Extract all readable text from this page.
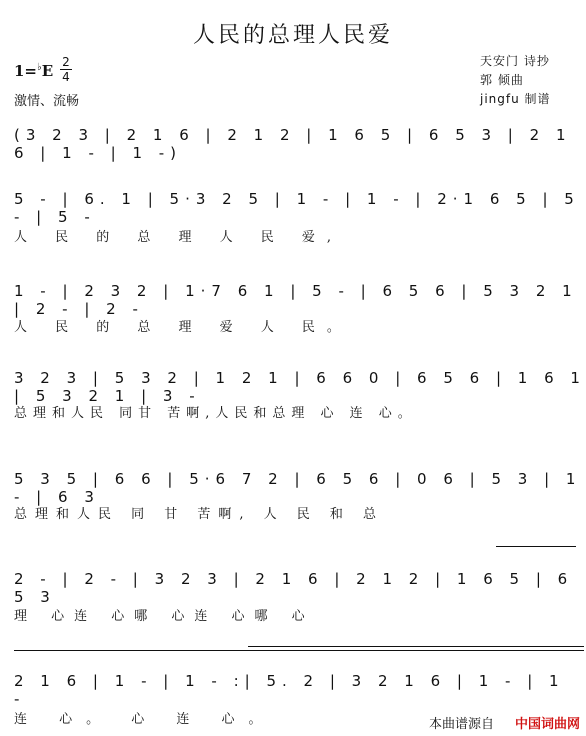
人民的总理人民爱
1=♭E 2
4
激情、流畅
天安门 诗抄
郭 倾曲
jingfu 制谱
(3 2 3 | 2 1 6 | 2 1 2 | 1 6 5 | 6 5 3 | 2 1 6 | 1 - | 1 -)
5 - | 6. 1 | 5·3 2 5 | 1 - | 1 - | 2·1 6 5 | 5 - | 5 -
人 民 的 总 理 人 民 爱,
1 - | 2 3 2 | 1·7 6 1 | 5 - | 6 5 6 | 5 3 2 1 | 2 - | 2 -
人 民 的 总 理 爱 人 民。
3 2 3 | 5 3 2 | 1 2 1 | 6 6 0 | 6 5 6 | 1 6 1 | 5 3 2 1 | 3 -
总理和人民 同甘 苦啊,人民和总理 心 连 心。
5 3 5 | 6 6 | 5·6 7 2 | 6 5 6 | 0 6 | 5 3 | 1 - | 6 3
总理和人民 同 甘 苦啊, 人 民 和 总
2 - | 2 - | 3 2 3 | 2 1 6 | 2 1 2 | 1 6 5 | 6 5 3
理 心连 心哪 心连 心哪 心
2 1 6 | 1 - | 1 - :| 5. 2 | 3 2 1 6 | 1 - | 1 -
连 心。 心 连 心。	本曲谱源自 中国词曲网
